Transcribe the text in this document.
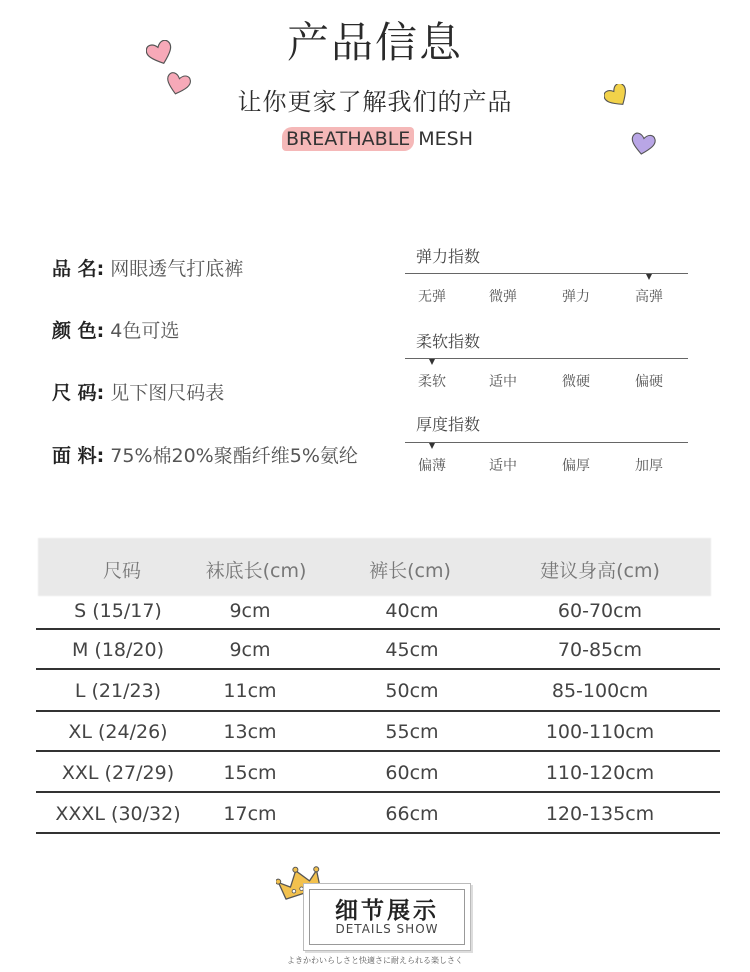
产品信息
让你更家了解我们的产品
BREATHABLE MESH
品 名: 网眼透气打底裤
颜 色: 4色可选
尺 码: 见下图尺码表
面 料: 75%棉20%聚酯纤维5%氨纶
弹力指数
无弹	微弹	弹力	高弹
柔软指数
柔软	适中	微硬	偏硬
厚度指数
偏薄	适中	偏厚	加厚
尺码	袜底长(cm)	裤长(cm)	建议身高(cm)
S (15/17)	9cm	40cm	60-70cm
M (18/20)	9cm	45cm	70-85cm
L (21/23)	11cm	50cm	85-100cm
XL (24/26)	13cm	55cm	100-110cm
XXL (27/29)	15cm	60cm	110-120cm
XXXL (30/32)	17cm	66cm	120-135cm
细节展示
DETAILS SHOW
よきかわいらしさと快適さに耐えられる楽しさく
